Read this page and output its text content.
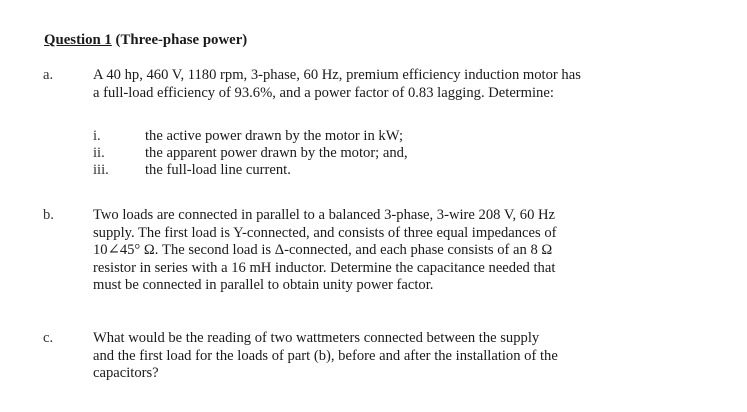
Question 1 (Three-phase power)
a.	A 40 hp, 460 V, 1180 rpm, 3-phase, 60 Hz, premium efficiency induction motor has
a full-load efficiency of 93.6%, and a power factor of 0.83 lagging. Determine:
i.	the active power drawn by the motor in kW;
ii.	the apparent power drawn by the motor; and,
iii.	the full-load line current.
b.	Two loads are connected in parallel to a balanced 3-phase, 3-wire 208 V, 60 Hz
supply. The first load is Y-connected, and consists of three equal impedances of
10∠45° Ω. The second load is Δ-connected, and each phase consists of an 8 Ω
resistor in series with a 16 mH inductor. Determine the capacitance needed that
must be connected in parallel to obtain unity power factor.
c.	What would be the reading of two wattmeters connected between the supply
and the first load for the loads of part (b), before and after the installation of the
capacitors?
